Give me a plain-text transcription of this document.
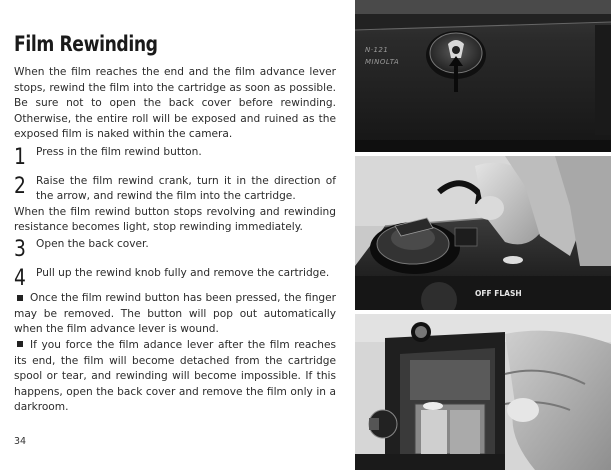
Film Rewinding

When the film reaches the end and the film advance lever stops, rewind the film into the cartridge as soon as possible. Be sure not to open the back cover before rewinding. Otherwise, the entire roll will be exposed and ruined as the exposed film is naked within the camera.

1 Press in the film rewind button.
2 Raise the film rewind crank, turn it in the direction of the arrow, and rewind the film into the cartridge.
When the film rewind button stops revolving and rewinding resistance becomes light, stop rewinding immediately.
3 Open the back cover.
4 Pull up the rewind knob fully and remove the cartridge.

Once the film rewind button has been pressed, the finger may be removed. The button will pop out automatically when the film advance lever is wound.

If you force the film adance lever after the film reaches its end, the film will become detached from the cartridge spool or tear, and rewinding will become impossible. If this happens, open the back cover and remove the film only in a darkroom.

34
N·121
MINOLTA
OFF FLASH
